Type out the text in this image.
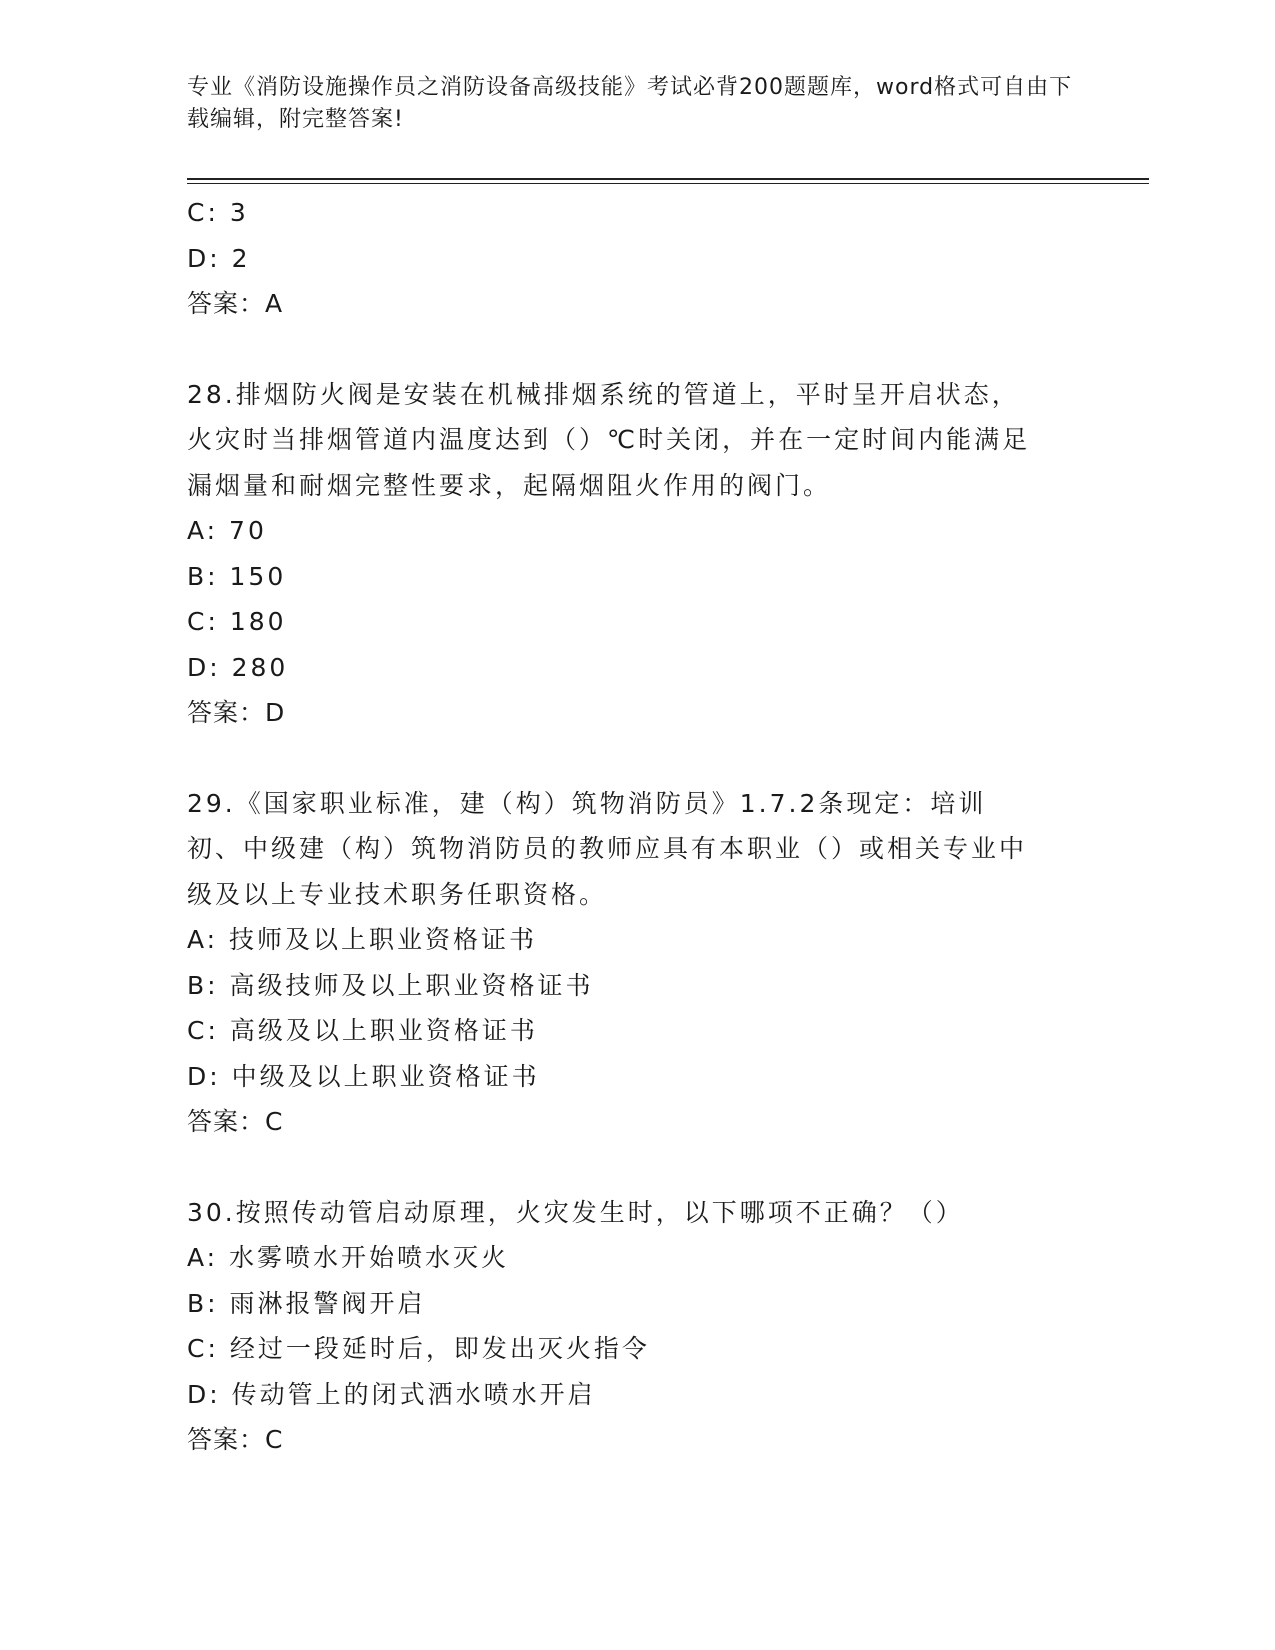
专业《消防设施操作员之消防设备高级技能》考试必背200题题库，word格式可自由下载编辑，附完整答案!
C: 3
D: 2
答案：A
28.排烟防火阀是安装在机械排烟系统的管道上，平时呈开启状态，火灾时当排烟管道内温度达到（）℃时关闭，并在一定时间内能满足漏烟量和耐烟完整性要求，起隔烟阻火作用的阀门。
A: 70
B: 150
C: 180
D: 280
答案：D
29.《国家职业标准，建（构）筑物消防员》1.7.2条现定：培训初、中级建（构）筑物消防员的教师应具有本职业（）或相关专业中级及以上专业技术职务任职资格。
A: 技师及以上职业资格证书
B: 高级技师及以上职业资格证书
C: 高级及以上职业资格证书
D: 中级及以上职业资格证书
答案：C
30.按照传动管启动原理，火灾发生时，以下哪项不正确？（）
A: 水雾喷水开始喷水灭火
B: 雨淋报警阀开启
C: 经过一段延时后，即发出灭火指令
D: 传动管上的闭式洒水喷水开启
答案：C
